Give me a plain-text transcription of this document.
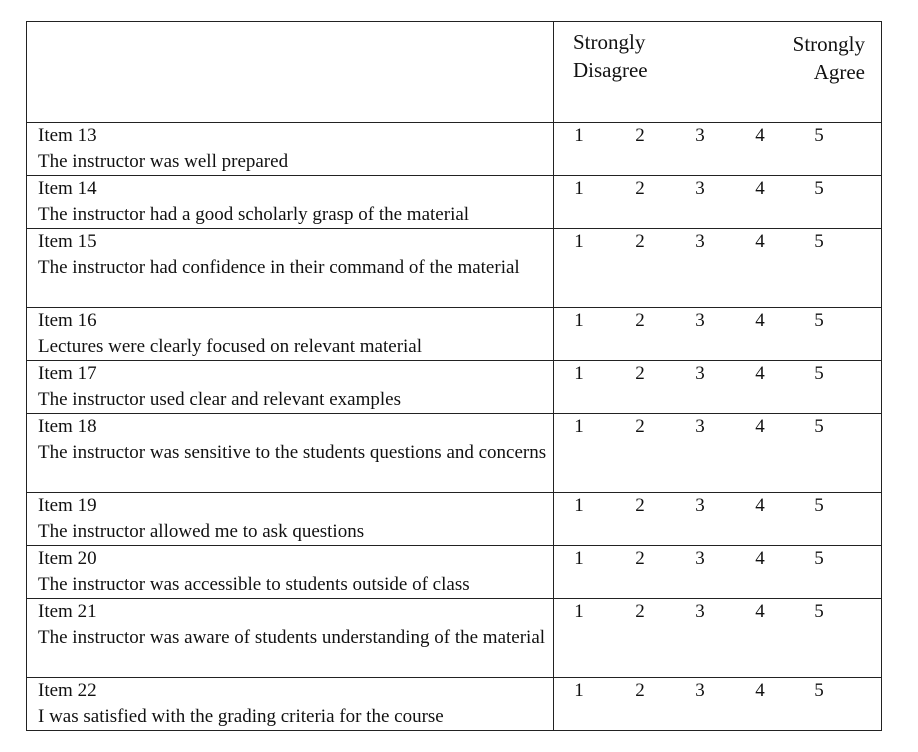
	Strongly
Disagree
Strongly
Agree

Item 13
The instructor was well prepared	1 2 3 4 5

Item 14
The instructor had a good scholarly grasp of the material	1 2 3 4 5

Item 15
The instructor had confidence in their command of the material	1 2 3 4 5

Item 16
Lectures were clearly focused on relevant material	1 2 3 4 5

Item 17
The instructor used clear and relevant examples	1 2 3 4 5

Item 18
The instructor was sensitive to the students questions and concerns	1 2 3 4 5

Item 19
The instructor allowed me to ask questions	1 2 3 4 5

Item 20
The instructor was accessible to students outside of class	1 2 3 4 5

Item 21
The instructor was aware of students understanding of the material	1 2 3 4 5

Item 22
I was satisfied with the grading criteria for the course	1 2 3 4 5
